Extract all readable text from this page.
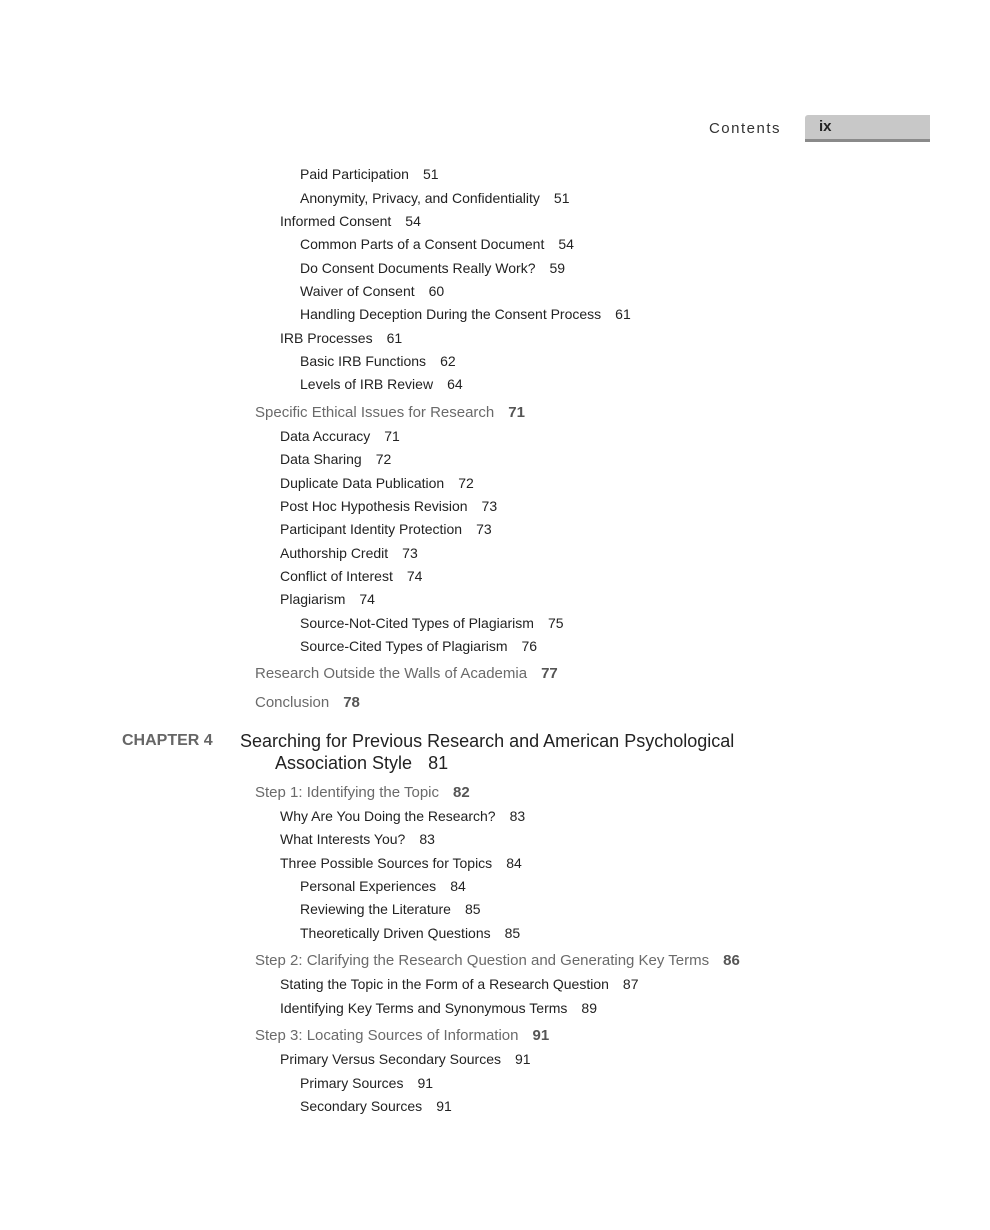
Contents	ix
Paid Participation 51
Anonymity, Privacy, and Confidentiality 51
Informed Consent 54
Common Parts of a Consent Document 54
Do Consent Documents Really Work? 59
Waiver of Consent 60
Handling Deception During the Consent Process 61
IRB Processes 61
Basic IRB Functions 62
Levels of IRB Review 64
Specific Ethical Issues for Research 71
Data Accuracy 71
Data Sharing 72
Duplicate Data Publication 72
Post Hoc Hypothesis Revision 73
Participant Identity Protection 73
Authorship Credit 73
Conflict of Interest 74
Plagiarism 74
Source-Not-Cited Types of Plagiarism 75
Source-Cited Types of Plagiarism 76
Research Outside the Walls of Academia 77
Conclusion 78
CHAPTER 4 Searching for Previous Research and American Psychological
Association Style 81
Step 1: Identifying the Topic 82
Why Are You Doing the Research? 83
What Interests You? 83
Three Possible Sources for Topics 84
Personal Experiences 84
Reviewing the Literature 85
Theoretically Driven Questions 85
Step 2: Clarifying the Research Question and Generating Key Terms 86
Stating the Topic in the Form of a Research Question 87
Identifying Key Terms and Synonymous Terms 89
Step 3: Locating Sources of Information 91
Primary Versus Secondary Sources 91
Primary Sources 91
Secondary Sources 91
